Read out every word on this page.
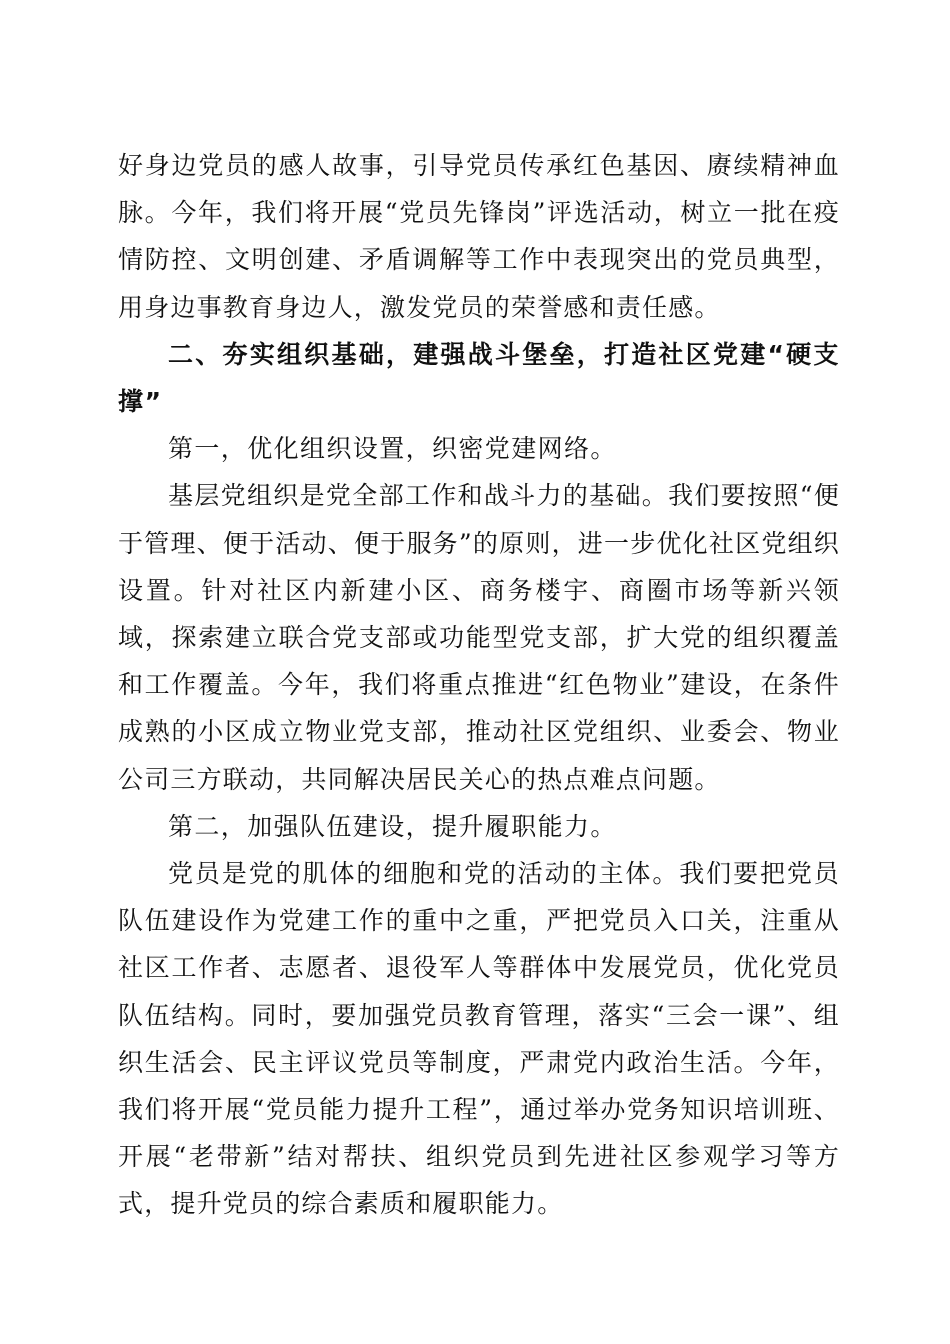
好身边党员的感人故事，引导党员传承红色基因、赓续精神血脉。今年，我们将开展“党员先锋岗”评选活动，树立一批在疫情防控、文明创建、矛盾调解等工作中表现突出的党员典型，用身边事教育身边人，激发党员的荣誉感和责任感。

二、夯实组织基础，建强战斗堡垒，打造社区党建“硬支撑”

第一，优化组织设置，织密党建网络。

基层党组织是党全部工作和战斗力的基础。我们要按照“便于管理、便于活动、便于服务”的原则，进一步优化社区党组织设置。针对社区内新建小区、商务楼宇、商圈市场等新兴领域，探索建立联合党支部或功能型党支部，扩大党的组织覆盖和工作覆盖。今年，我们将重点推进“红色物业”建设，在条件成熟的小区成立物业党支部，推动社区党组织、业委会、物业公司三方联动，共同解决居民关心的热点难点问题。

第二，加强队伍建设，提升履职能力。

党员是党的肌体的细胞和党的活动的主体。我们要把党员队伍建设作为党建工作的重中之重，严把党员入口关，注重从社区工作者、志愿者、退役军人等群体中发展党员，优化党员队伍结构。同时，要加强党员教育管理，落实“三会一课”、组织生活会、民主评议党员等制度，严肃党内政治生活。今年，我们将开展“党员能力提升工程”，通过举办党务知识培训班、开展“老带新”结对帮扶、组织党员到先进社区参观学习等方式，提升党员的综合素质和履职能力。
